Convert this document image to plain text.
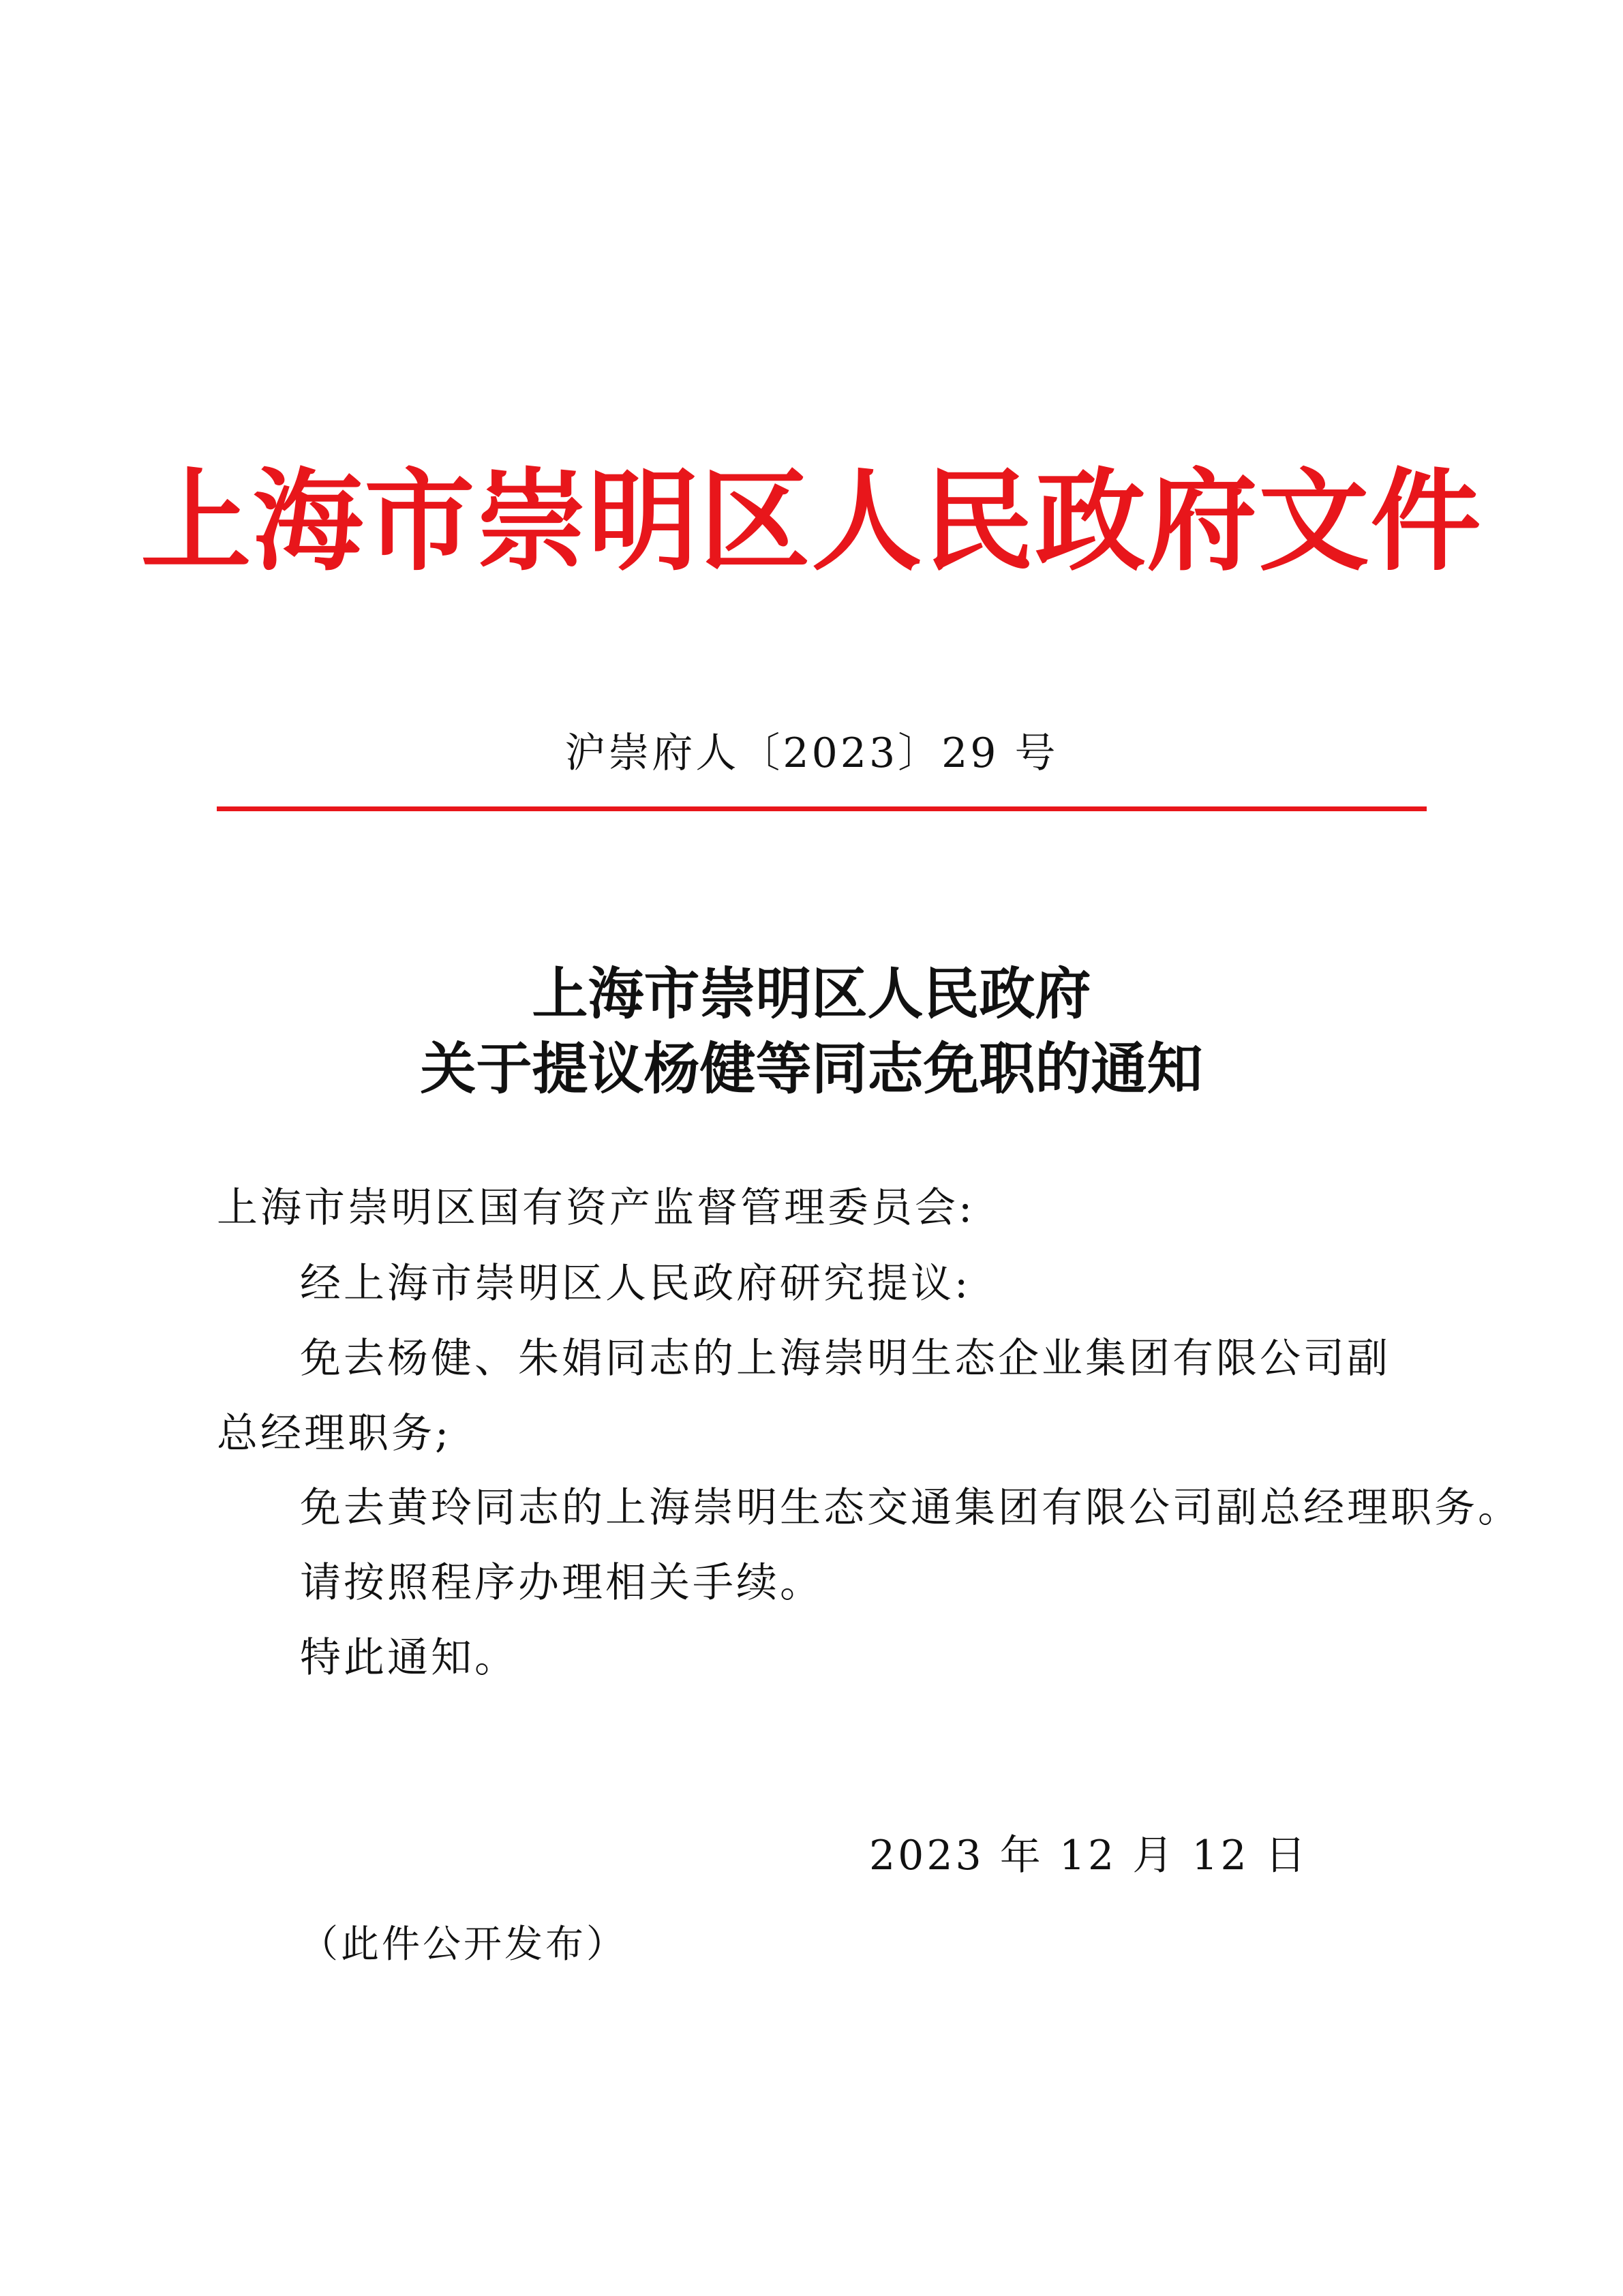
上海市崇明区人民政府文件
沪崇府人〔2023〕29 号
上海市崇明区人民政府
关于提议杨健等同志免职的通知
上海市崇明区国有资产监督管理委员会:
经上海市崇明区人民政府研究提议:
免去杨健、朱娟同志的上海崇明生态企业集团有限公司副
总经理职务;
免去黄玲同志的上海崇明生态交通集团有限公司副总经理职务。
请按照程序办理相关手续。
特此通知。
2023 年 12 月 12 日
（此件公开发布）
